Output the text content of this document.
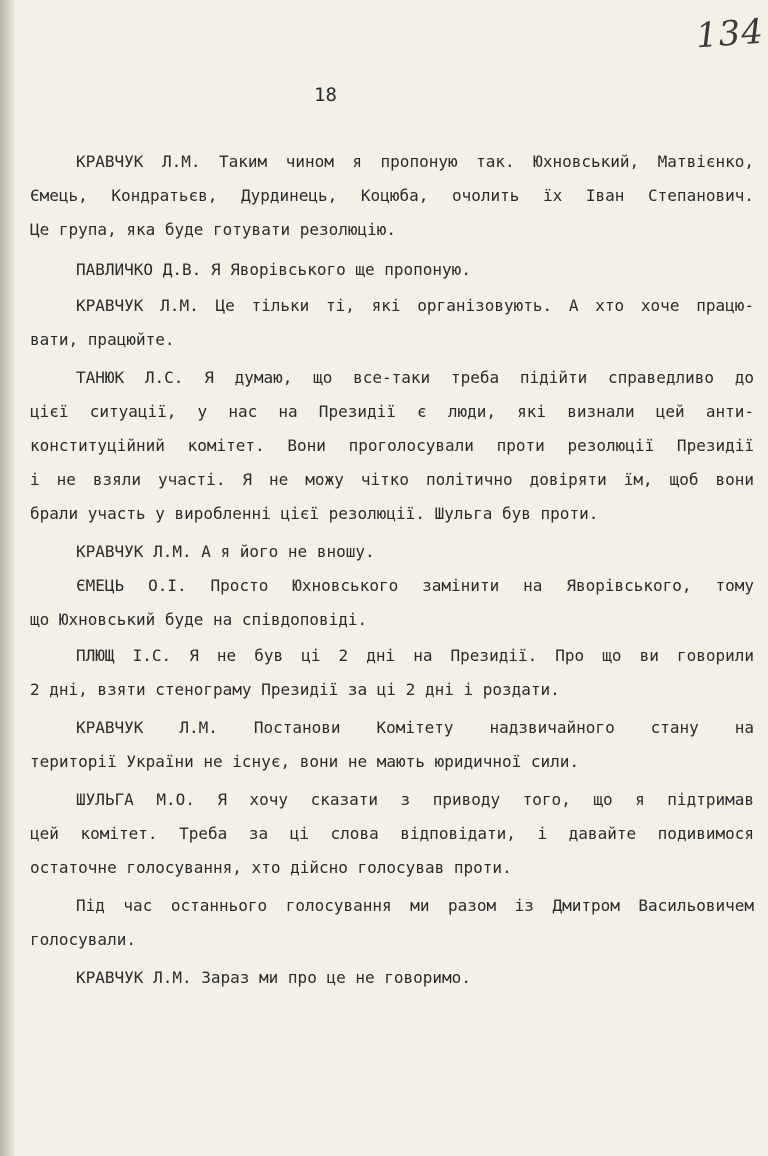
134
18
КРАВЧУК Л.М. Таким чином я пропоную так. Юхновський, Матвієнко,
Ємець, Кондратьєв, Дурдинець, Коцюба, очолить їх Іван Степанович.
Це група, яка буде готувати резолюцію.
ПАВЛИЧКО Д.В. Я Яворівського ще пропоную.
КРАВЧУК Л.М. Це тільки ті, які організовують. А хто хоче працю-
вати, працюйте.
ТАНЮК Л.С. Я думаю, що все-таки треба підійти справедливо до
цієї ситуації, у нас на Президії є люди, які визнали цей анти-
конституційний комітет. Вони проголосували проти резолюції Президії
і не взяли участі. Я не можу чітко політично довіряти їм, щоб вони
брали участь у виробленні цієї резолюції. Шульга був проти.
КРАВЧУК Л.М. А я його не вношу.
ЄМЕЦЬ О.І. Просто Юхновського замінити на Яворівського, тому
що Юхновський буде на співдоповіді.
ПЛЮЩ І.С. Я не був ці 2 дні на Президії. Про що ви говорили
2 дні, взяти стенограму Президії за ці 2 дні і роздати.
КРАВЧУК Л.М. Постанови Комітету надзвичайного стану на
території України не існує, вони не мають юридичної сили.
ШУЛЬГА М.О. Я хочу сказати з приводу того, що я підтримав
цей комітет. Треба за ці слова відповідати, і давайте подивимося
остаточне голосування, хто дійсно голосував проти.
Під час останнього голосування ми разом із Дмитром Васильовичем
голосували.
КРАВЧУК Л.М. Зараз ми про це не говоримо.
